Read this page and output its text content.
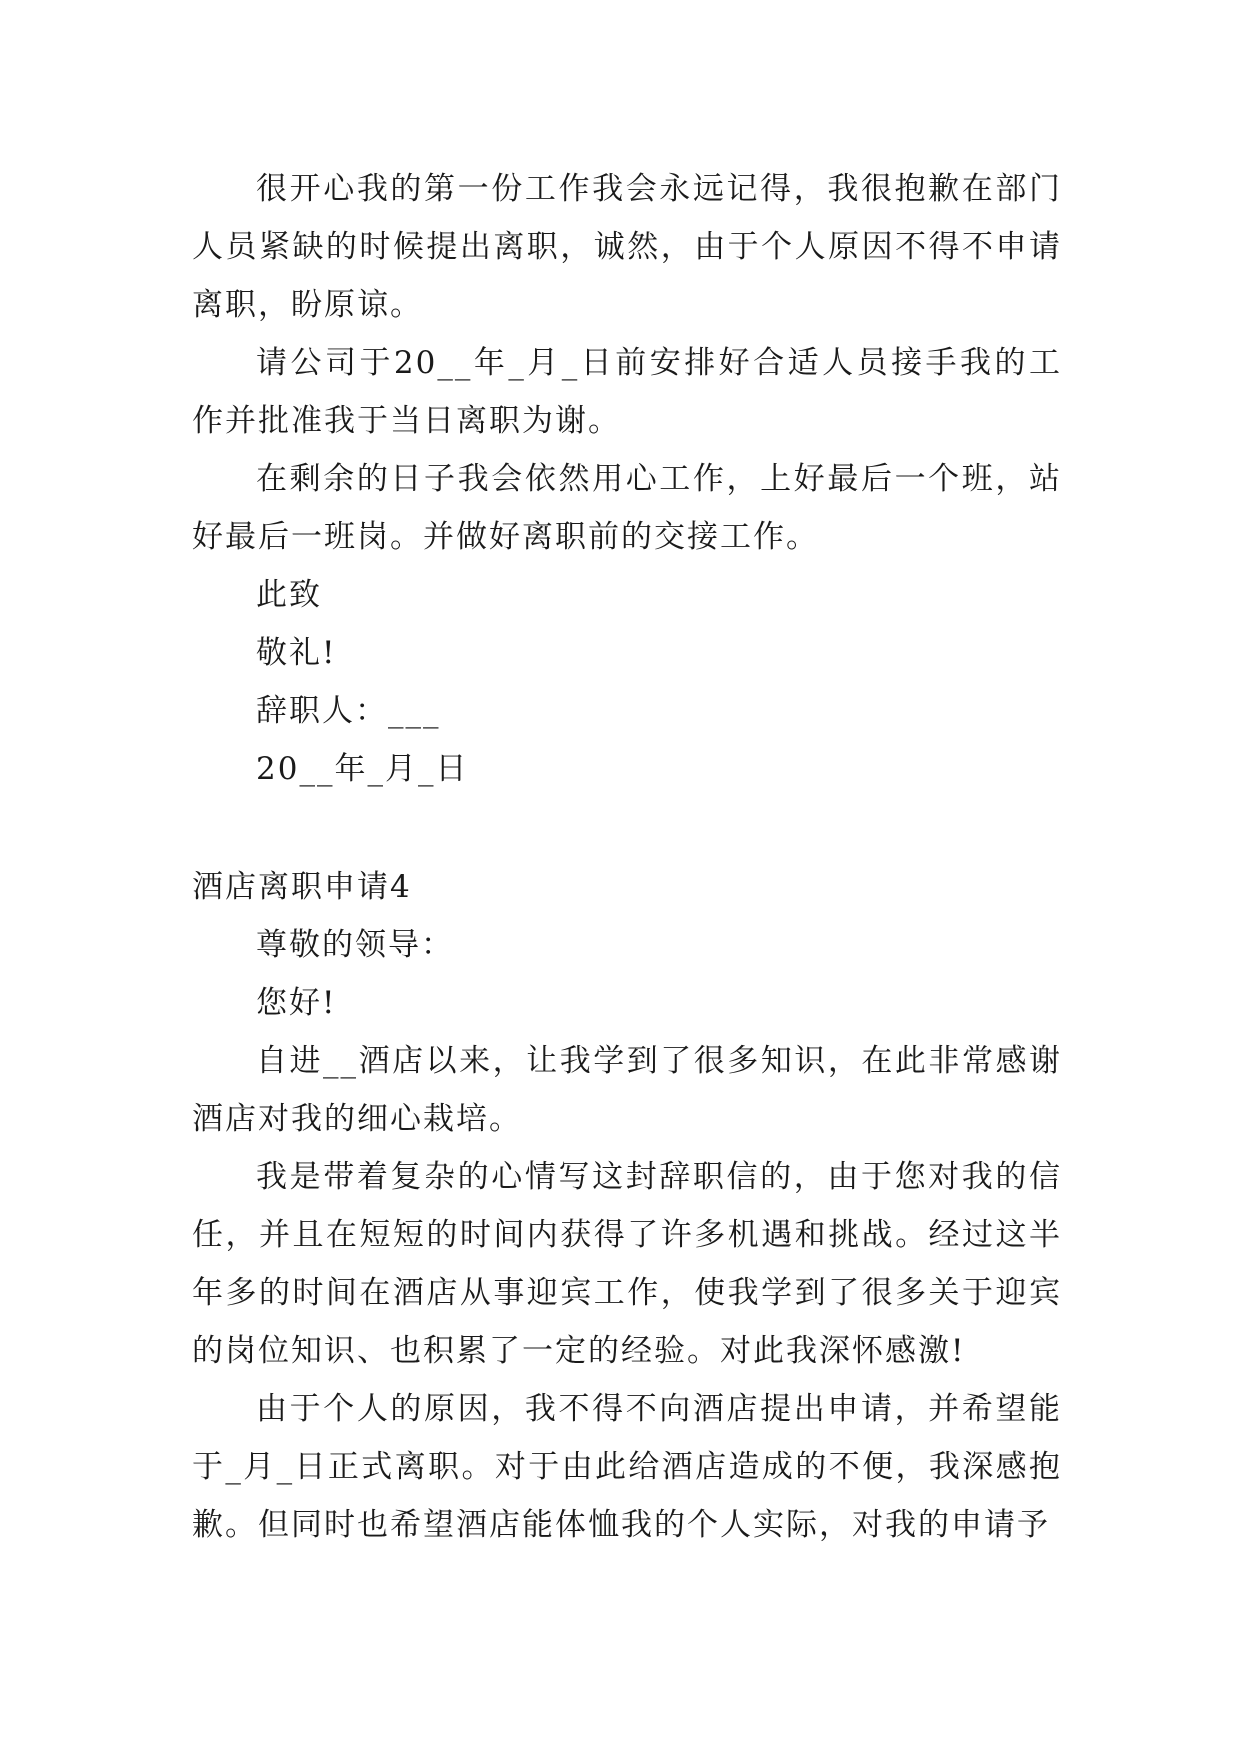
很开心我的第一份工作我会永远记得，我很抱歉在部门人员紧缺的时候提出离职，诚然，由于个人原因不得不申请离职，盼原谅。

请公司于20__年_月_日前安排好合适人员接手我的工作并批准我于当日离职为谢。

在剩余的日子我会依然用心工作，上好最后一个班，站好最后一班岗。并做好离职前的交接工作。

此致

敬礼!

辞职人：___

20__年_月_日

酒店离职申请4

尊敬的领导：

您好!

自进__酒店以来，让我学到了很多知识，在此非常感谢酒店对我的细心栽培。

我是带着复杂的心情写这封辞职信的，由于您对我的信任，并且在短短的时间内获得了许多机遇和挑战。经过这半年多的时间在酒店从事迎宾工作，使我学到了很多关于迎宾的岗位知识、也积累了一定的经验。对此我深怀感激!

由于个人的原因，我不得不向酒店提出申请，并希望能于_月_日正式离职。对于由此给酒店造成的不便，我深感抱歉。但同时也希望酒店能体恤我的个人实际，对我的申请予
